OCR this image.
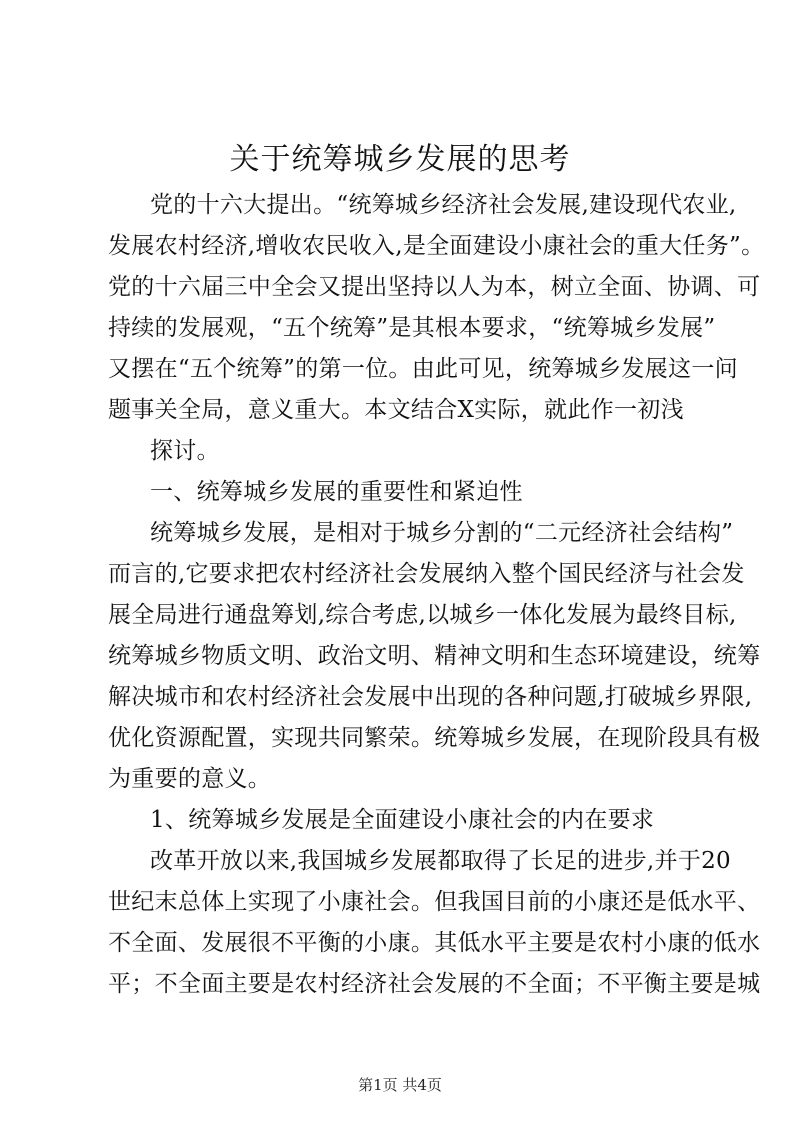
关于统筹城乡发展的思考
党的十六大提出。“统筹城乡经济社会发展,建设现代农业,
发展农村经济,增收农民收入,是全面建设小康社会的重大任务”。
党的十六届三中全会又提出坚持以人为本，树立全面、协调、可
持续的发展观，“五个统筹”是其根本要求，“统筹城乡发展”
又摆在“五个统筹”的第一位。由此可见，统筹城乡发展这一问
题事关全局，意义重大。本文结合X实际，就此作一初浅
探讨。
一、统筹城乡发展的重要性和紧迫性
统筹城乡发展，是相对于城乡分割的“二元经济社会结构”
而言的,它要求把农村经济社会发展纳入整个国民经济与社会发
展全局进行通盘筹划,综合考虑,以城乡一体化发展为最终目标,
统筹城乡物质文明、政治文明、精神文明和生态环境建设，统筹
解决城市和农村经济社会发展中出现的各种问题,打破城乡界限,
优化资源配置，实现共同繁荣。统筹城乡发展，在现阶段具有极
为重要的意义。
1、统筹城乡发展是全面建设小康社会的内在要求
改革开放以来,我国城乡发展都取得了长足的进步,并于20
世纪末总体上实现了小康社会。但我国目前的小康还是低水平、
不全面、发展很不平衡的小康。其低水平主要是农村小康的低水
平；不全面主要是农村经济社会发展的不全面；不平衡主要是城
第1页 共4页
